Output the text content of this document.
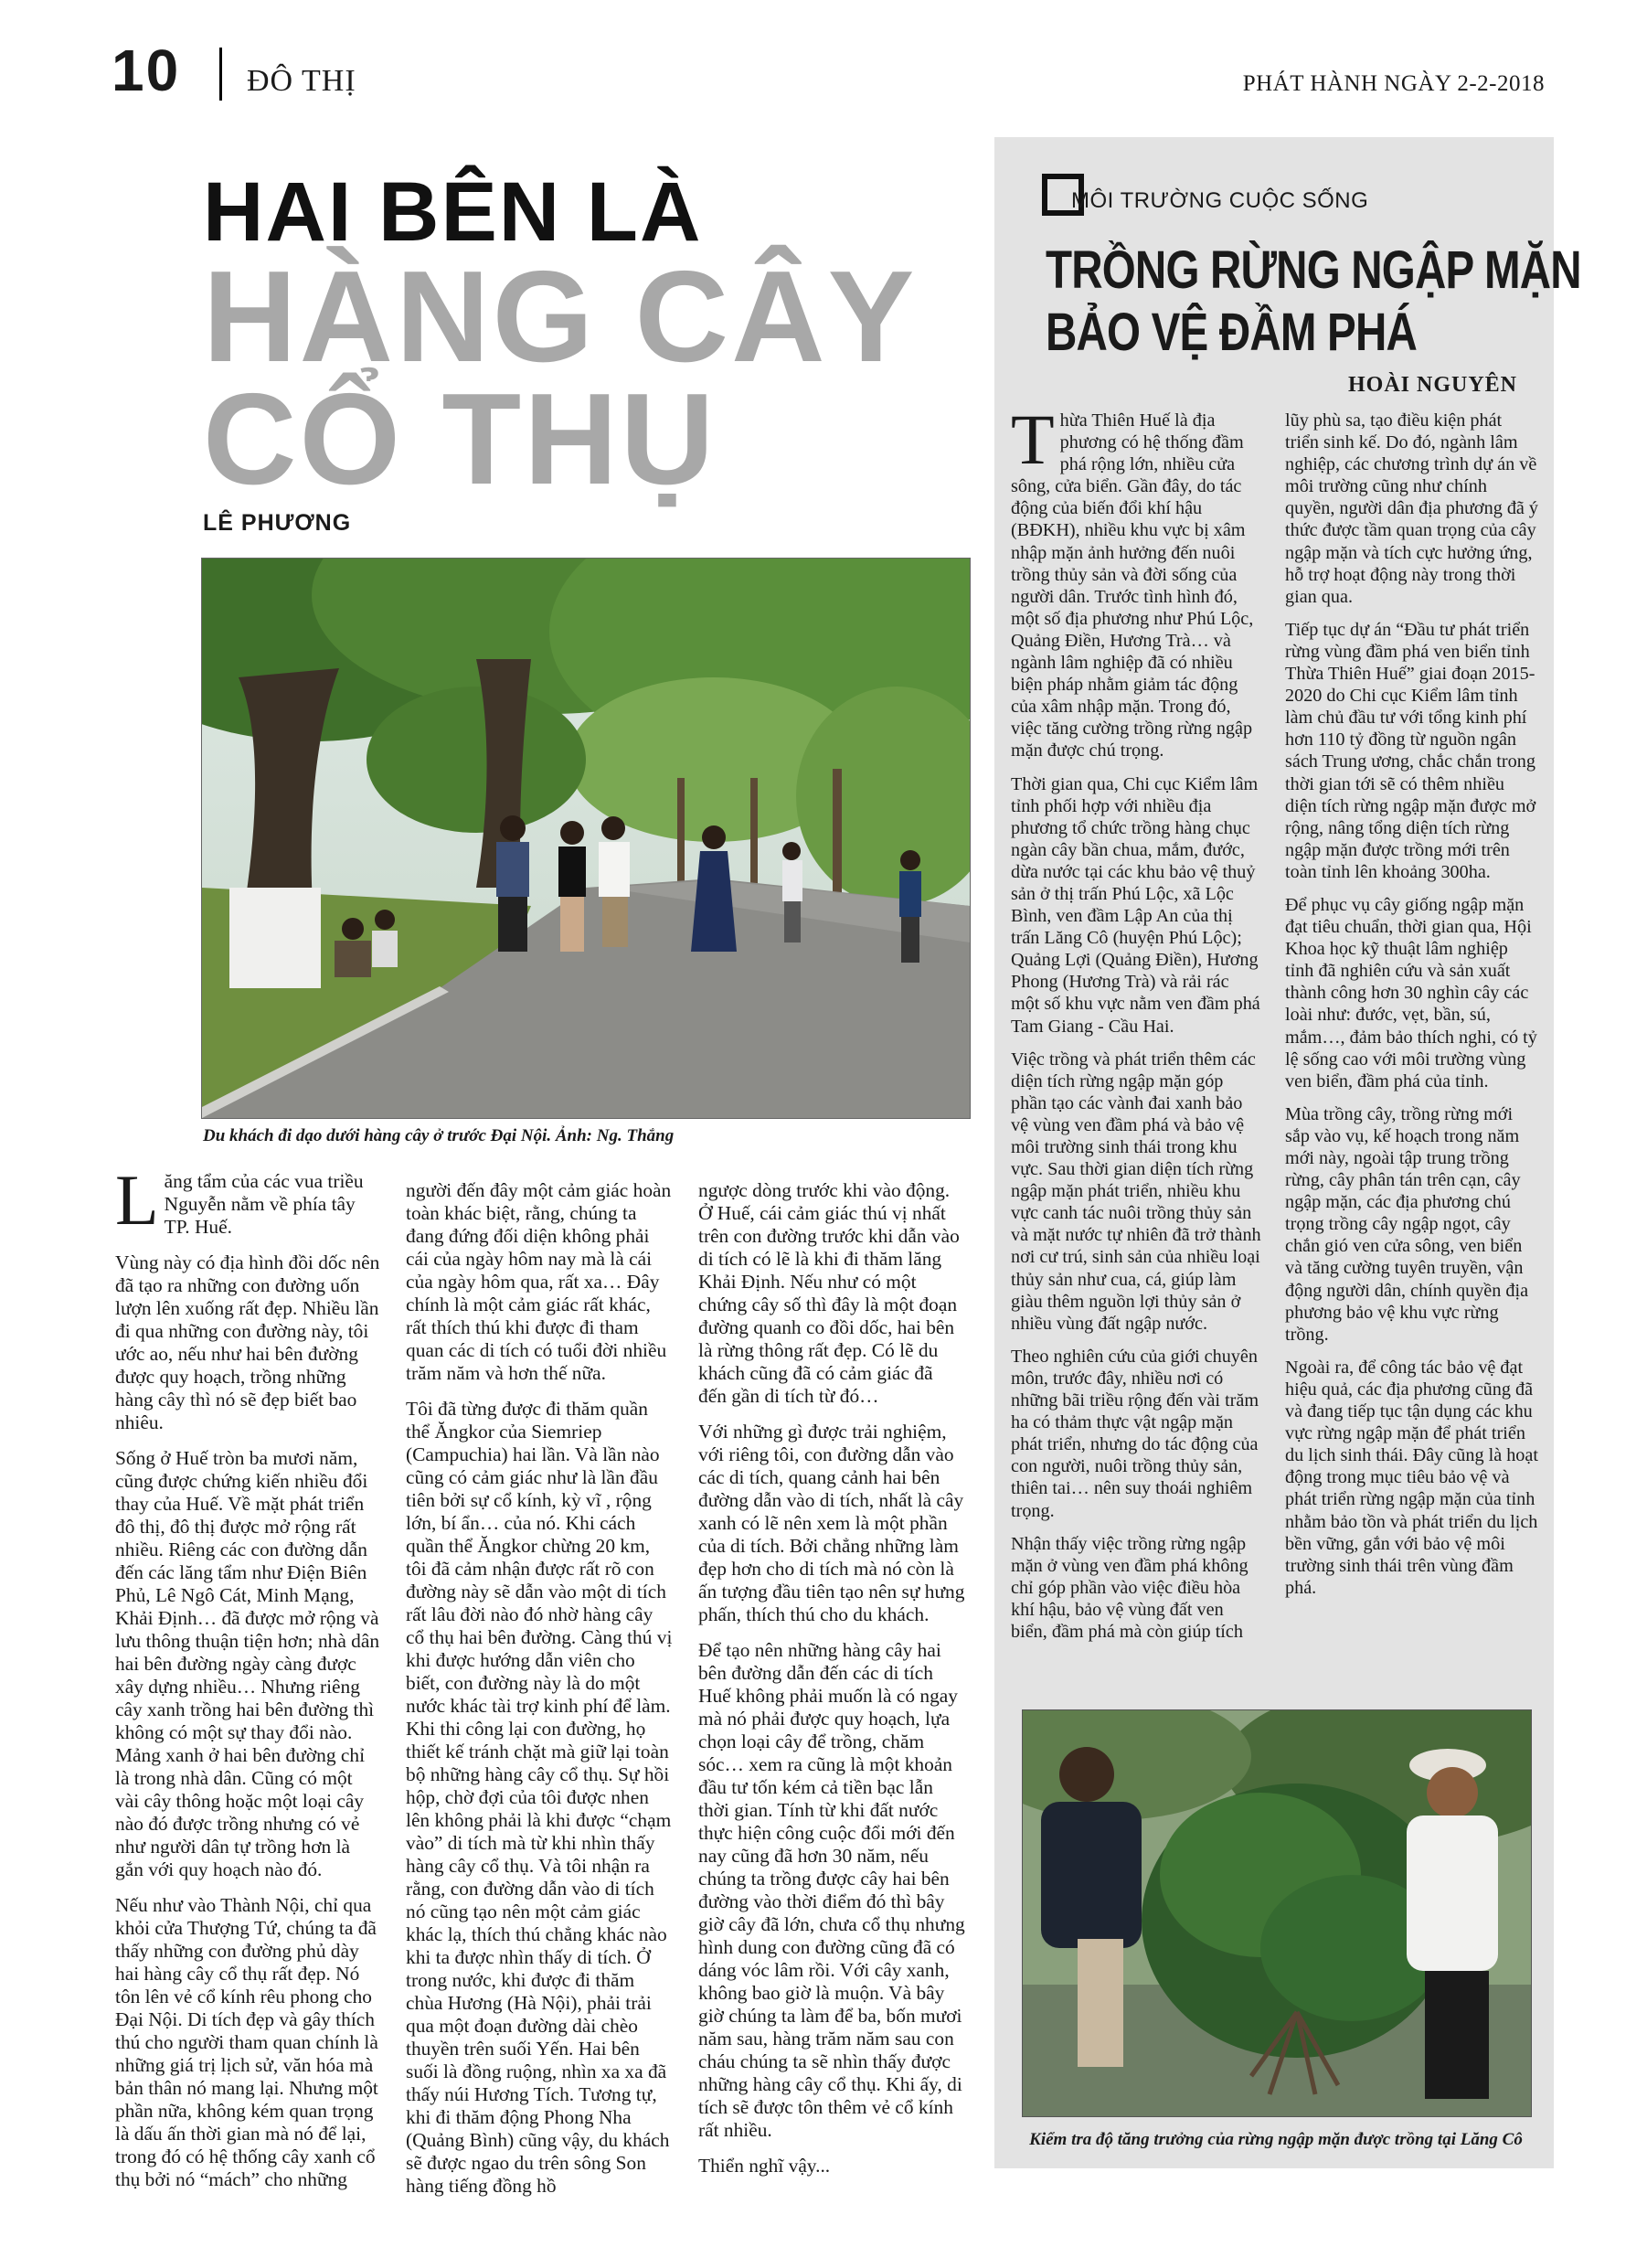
10 ĐÔ THỊ	PHÁT HÀNH NGÀY 2-2-2018
HAI BÊN LÀ
HÀNG CÂY
CỔ THỤ
LÊ PHƯƠNG
Du khách đi dạo dưới hàng cây ở trước Đại Nội. Ảnh: Ng. Thắng

Lăng tẩm của các vua triều Nguyễn nằm về phía tây TP. Huế.

Vùng này có địa hình đồi dốc nên đã tạo ra những con đường uốn lượn lên xuống rất đẹp. Nhiều lần đi qua những con đường này, tôi ước ao, nếu như hai bên đường được quy hoạch, trồng những hàng cây thì nó sẽ đẹp biết bao nhiêu.

Sống ở Huế tròn ba mươi năm, cũng được chứng kiến nhiều đổi thay của Huế. Về mặt phát triển đô thị, đô thị được mở rộng rất nhiều. Riêng các con đường dẫn đến các lăng tẩm như Điện Biên Phủ, Lê Ngô Cát, Minh Mạng, Khải Định… đã được mở rộng và lưu thông thuận tiện hơn; nhà dân hai bên đường ngày càng được xây dựng nhiều… Nhưng riêng cây xanh trồng hai bên đường thì không có một sự thay đổi nào. Mảng xanh ở hai bên đường chỉ là trong nhà dân. Cũng có một vài cây thông hoặc một loại cây nào đó được trồng nhưng có vẻ như người dân tự trồng hơn là gắn với quy hoạch nào đó.

Nếu như vào Thành Nội, chỉ qua khỏi cửa Thượng Tứ, chúng ta đã thấy những con đường phủ dày hai hàng cây cổ thụ rất đẹp. Nó tôn lên vẻ cổ kính rêu phong cho Đại Nội. Di tích đẹp và gây thích thú cho người tham quan chính là những giá trị lịch sử, văn hóa mà bản thân nó mang lại. Nhưng một phần nữa, không kém quan trọng là dấu ấn thời gian mà nó để lại, trong đó có hệ thống cây xanh cổ thụ bởi nó “mách” cho những

người đến đây một cảm giác hoàn toàn khác biệt, rằng, chúng ta đang đứng đối diện không phải cái của ngày hôm nay mà là cái của ngày hôm qua, rất xa… Đây chính là một cảm giác rất khác, rất thích thú khi được đi tham quan các di tích có tuổi đời nhiều trăm năm và hơn thế nữa.

Tôi đã từng được đi thăm quần thể Ăngkor của Siemriep (Campuchia) hai lần. Và lần nào cũng có cảm giác như là lần đầu tiên bởi sự cổ kính, kỳ vĩ , rộng lớn, bí ẩn… của nó. Khi cách quần thể Ăngkor chừng 20 km, tôi đã cảm nhận được rất rõ con đường này sẽ dẫn vào một di tích rất lâu đời nào đó nhờ hàng cây cổ thụ hai bên đường. Càng thú vị khi được hướng dẫn viên cho biết, con đường này là do một nước khác tài trợ kinh phí để làm. Khi thi công lại con đường, họ thiết kế tránh chặt mà giữ lại toàn bộ những hàng cây cổ thụ. Sự hồi hộp, chờ đợi của tôi được nhen lên không phải là khi được “chạm vào” di tích mà từ khi nhìn thấy hàng cây cổ thụ. Và tôi nhận ra rằng, con đường dẫn vào di tích nó cũng tạo nên một cảm giác khác lạ, thích thú chẳng khác nào khi ta được nhìn thấy di tích. Ở trong nước, khi được đi thăm chùa Hương (Hà Nội), phải trải qua một đoạn đường dài chèo thuyền trên suối Yến. Hai bên suối là đồng ruộng, nhìn xa xa đã thấy núi Hương Tích. Tương tự, khi đi thăm động Phong Nha (Quảng Bình) cũng vậy, du khách sẽ được ngao du trên sông Son hàng tiếng đồng hồ

ngược dòng trước khi vào động. Ở Huế, cái cảm giác thú vị nhất trên con đường trước khi dẫn vào di tích có lẽ là khi đi thăm lăng Khải Định. Nếu như có một chứng cây số thì đây là một đoạn đường quanh co đồi dốc, hai bên là rừng thông rất đẹp. Có lẽ du khách cũng đã có cảm giác đã đến gần di tích từ đó…

Với những gì được trải nghiệm, với riêng tôi, con đường dẫn vào các di tích, quang cảnh hai bên đường dẫn vào di tích, nhất là cây xanh có lẽ nên xem là một phần của di tích. Bởi chẳng những làm đẹp hơn cho di tích mà nó còn là ấn tượng đầu tiên tạo nên sự hưng phấn, thích thú cho du khách.

Để tạo nên những hàng cây hai bên đường dẫn đến các di tích Huế không phải muốn là có ngay mà nó phải được quy hoạch, lựa chọn loại cây để trồng, chăm sóc… xem ra cũng là một khoản đầu tư tốn kém cả tiền bạc lẫn thời gian. Tính từ khi đất nước thực hiện công cuộc đổi mới đến nay cũng đã hơn 30 năm, nếu chúng ta trồng được cây hai bên đường vào thời điểm đó thì bây giờ cây đã lớn, chưa cổ thụ nhưng hình dung con đường cũng đã có dáng vóc lâm rồi. Với cây xanh, không bao giờ là muộn. Và bây giờ chúng ta làm để ba, bốn mươi năm sau, hàng trăm năm sau con cháu chúng ta sẽ nhìn thấy được những hàng cây cổ thụ. Khi ấy, di tích sẽ được tôn thêm vẻ cổ kính rất nhiều.

Thiển nghĩ vậy...

MÔI TRƯỜNG CUỘC SỐNG
TRỒNG RỪNG NGẬP MẶN
BẢO VỆ ĐẦM PHÁ
HOÀI NGUYÊN

Thừa Thiên Huế là địa phương có hệ thống đầm phá rộng lớn, nhiều cửa sông, cửa biển. Gần đây, do tác động của biến đổi khí hậu (BĐKH), nhiều khu vực bị xâm nhập mặn ảnh hưởng đến nuôi trồng thủy sản và đời sống của người dân. Trước tình hình đó, một số địa phương như Phú Lộc, Quảng Điền, Hương Trà… và ngành lâm nghiệp đã có nhiều biện pháp nhằm giảm tác động của xâm nhập mặn. Trong đó, việc tăng cường trồng rừng ngập mặn được chú trọng.

Thời gian qua, Chi cục Kiểm lâm tỉnh phối hợp với nhiều địa phương tổ chức trồng hàng chục ngàn cây bần chua, mắm, đước, dừa nước tại các khu bảo vệ thuỷ sản ở thị trấn Phú Lộc, xã Lộc Bình, ven đầm Lập An của thị trấn Lăng Cô (huyện Phú Lộc); Quảng Lợi (Quảng Điền), Hương Phong (Hương Trà) và rải rác một số khu vực nằm ven đầm phá Tam Giang - Cầu Hai.

Việc trồng và phát triển thêm các diện tích rừng ngập mặn góp phần tạo các vành đai xanh bảo vệ vùng ven đầm phá và bảo vệ môi trường sinh thái trong khu vực. Sau thời gian diện tích rừng ngập mặn phát triển, nhiều khu vực canh tác nuôi trồng thủy sản và mặt nước tự nhiên đã trở thành nơi cư trú, sinh sản của nhiều loại thủy sản như cua, cá, giúp làm giàu thêm nguồn lợi thủy sản ở nhiều vùng đất ngập nước.

Theo nghiên cứu của giới chuyên môn, trước đây, nhiều nơi có những bãi triều rộng đến vài trăm ha có thảm thực vật ngập mặn phát triển, nhưng do tác động của con người, nuôi trồng thủy sản, thiên tai… nên suy thoái nghiêm trọng.

Nhận thấy việc trồng rừng ngập mặn ở vùng ven đầm phá không chỉ góp phần vào việc điều hòa khí hậu, bảo vệ vùng đất ven biển, đầm phá mà còn giúp tích

lũy phù sa, tạo điều kiện phát triển sinh kế. Do đó, ngành lâm nghiệp, các chương trình dự án về môi trường cũng như chính quyền, người dân địa phương đã ý thức được tầm quan trọng của cây ngập mặn và tích cực hưởng ứng, hỗ trợ hoạt động này trong thời gian qua.

Tiếp tục dự án “Đầu tư phát triển rừng vùng đầm phá ven biển tỉnh Thừa Thiên Huế” giai đoạn 2015- 2020 do Chi cục Kiểm lâm tỉnh làm chủ đầu tư với tổng kinh phí hơn 110 tỷ đồng từ nguồn ngân sách Trung ương, chắc chắn trong thời gian tới sẽ có thêm nhiều diện tích rừng ngập mặn được mở rộng, nâng tổng diện tích rừng ngập mặn được trồng mới trên toàn tỉnh lên khoảng 300ha.

Để phục vụ cây giống ngập mặn đạt tiêu chuẩn, thời gian qua, Hội Khoa học kỹ thuật lâm nghiệp tỉnh đã nghiên cứu và sản xuất thành công hơn 30 nghìn cây các loài như: đước, vẹt, bần, sú, mắm…, đảm bảo thích nghi, có tỷ lệ sống cao với môi trường vùng ven biển, đầm phá của tỉnh.

Mùa trồng cây, trồng rừng mới sắp vào vụ, kế hoạch trong năm mới này, ngoài tập trung trồng rừng, cây phân tán trên cạn, cây ngập mặn, các địa phương chú trọng trồng cây ngập ngọt, cây chắn gió ven cửa sông, ven biển và tăng cường tuyên truyền, vận động người dân, chính quyền địa phương bảo vệ khu vực rừng trồng.

Ngoài ra, để công tác bảo vệ đạt hiệu quả, các địa phương cũng đã và đang tiếp tục tận dụng các khu vực rừng ngập mặn để phát triển du lịch sinh thái. Đây cũng là hoạt động trong mục tiêu bảo vệ và phát triển rừng ngập mặn của tỉnh nhằm bảo tồn và phát triển du lịch bền vững, gắn với bảo vệ môi trường sinh thái trên vùng đầm phá.

Kiểm tra độ tăng trưởng của rừng ngập mặn được trồng tại Lăng Cô
